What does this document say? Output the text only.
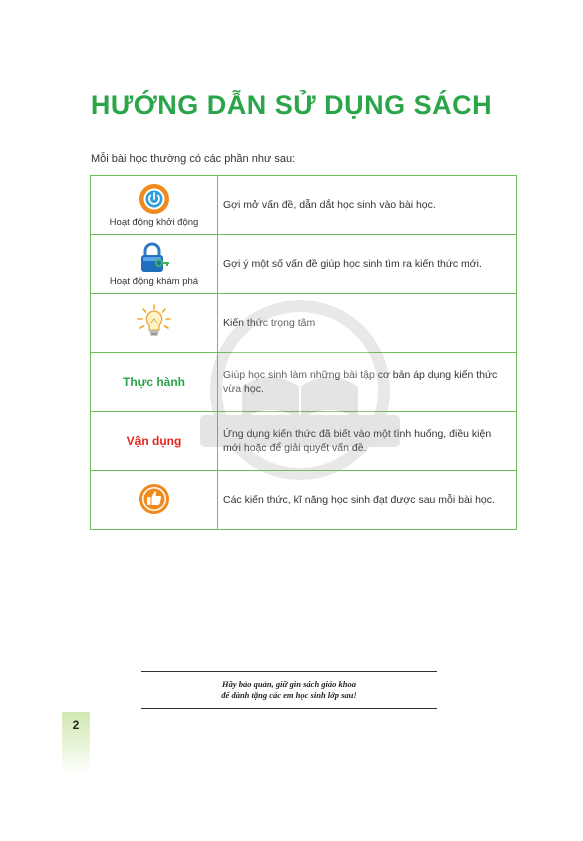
HƯỚNG DẪN SỬ DỤNG SÁCH
Mỗi bài học thường có các phần như sau:
Hoạt động khởi động	Gợi mở vấn đề, dẫn dắt học sinh vào bài học.

Hoạt động khám phá	Gợi ý một số vấn đề giúp học sinh tìm ra kiến thức mới.

	Kiến thức trọng tâm

Thực hành	Giúp học sinh làm những bài tập cơ bản áp dụng kiến thức vừa học.

Vận dụng	Ứng dụng kiến thức đã biết vào một tình huống, điều kiện mới hoặc để giải quyết vấn đề.

	Các kiến thức, kĩ năng học sinh đạt được sau mỗi bài học.
Hãy bảo quản, giữ gìn sách giáo khoa
để dành tặng các em học sinh lớp sau!
2
